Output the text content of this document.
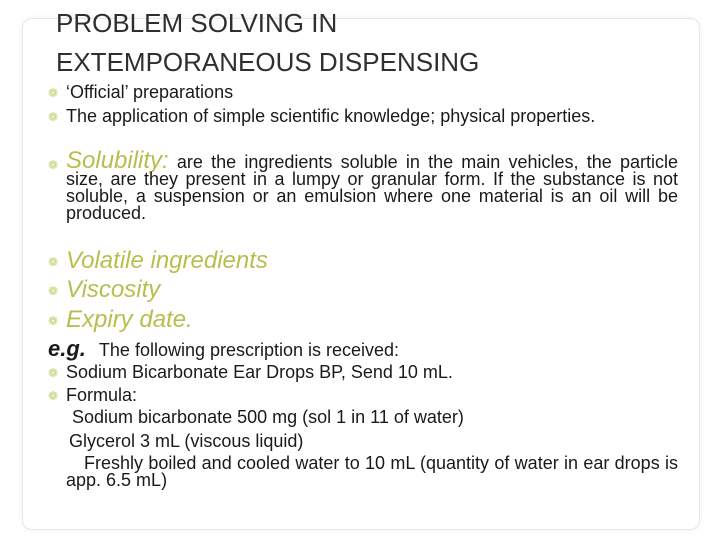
PROBLEM SOLVING IN
EXTEMPORANEOUS DISPENSING
❁ ‘Official’ preparations
❁ The application of simple scientific knowledge; physical properties.
❁ Solubility: are the ingredients soluble in the main vehicles, the particle size, are they present in a lumpy or granular form. If the substance is not soluble, a suspension or an emulsion where one material is an oil will be produced.
❁ Volatile ingredients
❁ Viscosity
❁ Expiry date.
e.g. The following prescription is received:
❁ Sodium Bicarbonate Ear Drops BP, Send 10 mL.
❁ Formula:
Sodium bicarbonate 500 mg (sol 1 in 11 of water)
Glycerol 3 mL (viscous liquid)
Freshly boiled and cooled water to 10 mL (quantity of water in ear drops is app. 6.5 mL)
